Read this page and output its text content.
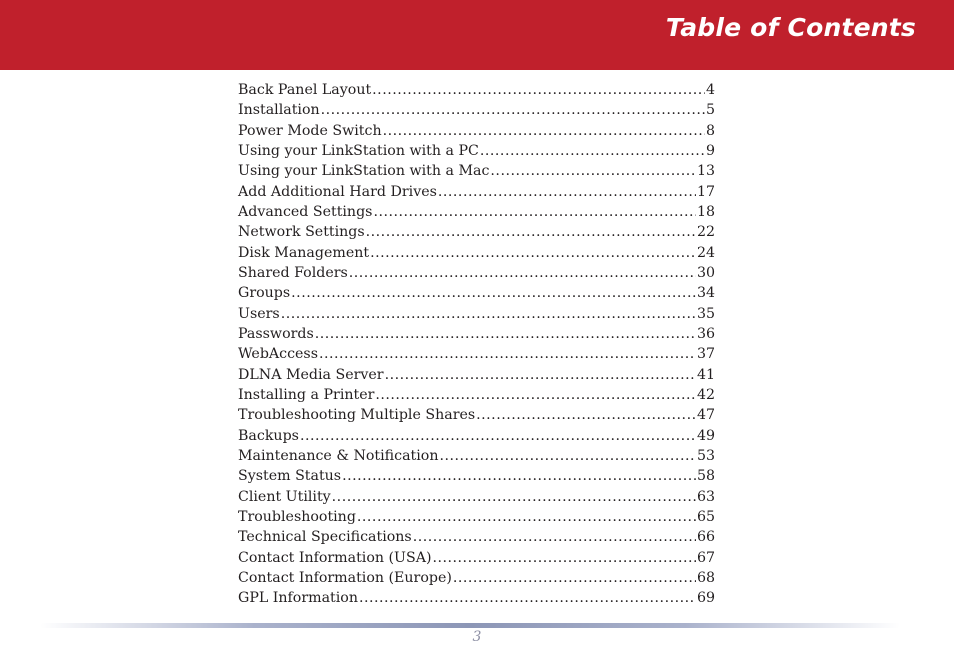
Table of Contents
Back Panel Layout .....	4
Installation .....	5
Power Mode Switch .....	8
Using your LinkStation with a PC .....	9
Using your LinkStation with a Mac .....	13
Add Additional Hard Drives .....	17
Advanced Settings .....	18
Network Settings .....	22
Disk Management .....	24
Shared Folders .....	30
Groups .....	34
Users .....	35
Passwords .....	36
WebAccess .....	37
DLNA Media Server .....	41
Installing a Printer .....	42
Troubleshooting Multiple Shares .....	47
Backups .....	49
Maintenance & Notification .....	53
System Status .....	58
Client Utility .....	63
Troubleshooting .....	65
Technical Specifications .....	66
Contact Information (USA) .....	67
Contact Information (Europe) .....	68
GPL Information .....	69
3
